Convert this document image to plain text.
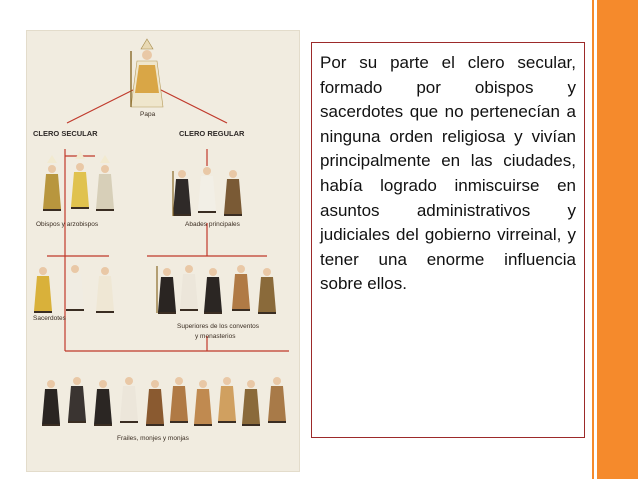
Papa
CLERO SECULAR	CLERO REGULAR
Obispos y arzobispos	Abades principales
Sacerdotes
Superiores de los conventos
y monasterios
Frailes, monjes y monjas

Por su parte el clero secular, formado por obispos y sacerdotes que no pertenecían a ninguna orden religiosa y vivían principalmente en las ciudades, había logrado inmiscuirse en asuntos administrativos y judiciales del gobierno virreinal, y tener una enorme influencia sobre ellos.
